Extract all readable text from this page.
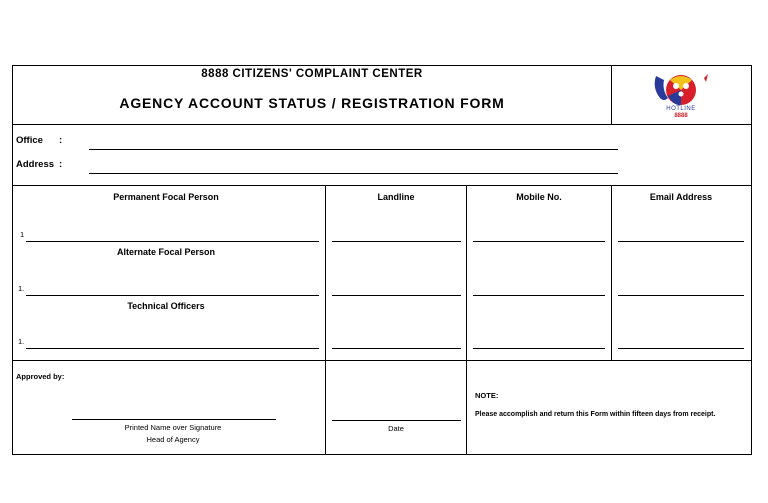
8888 CITIZENS' COMPLAINT CENTER
AGENCY ACCOUNT STATUS / REGISTRATION FORM	HOTLINE
8888
Office :
Address :
Permanent Focal Person	Landline	Mobile No.	Email Address
1
Alternate Focal Person
1.
Technical Officers
1.
Approved by:
Printed Name over Signature
Head of Agency
Date
NOTE:
Please accomplish and return this Form within fifteen days from receipt.
